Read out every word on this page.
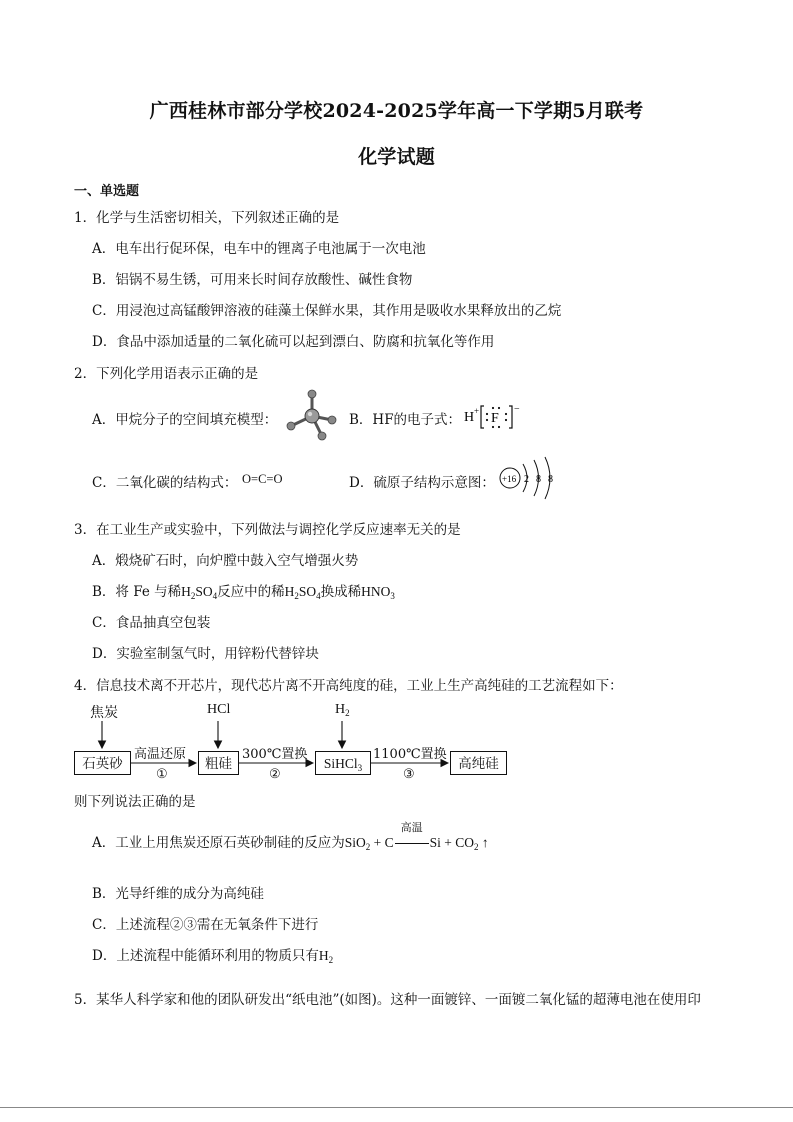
广西桂林市部分学校2024-2025学年高一下学期5月联考
化学试题
一、单选题
1．化学与生活密切相关，下列叙述正确的是
A．电车出行促环保，电车中的锂离子电池属于一次电池
B．铝锅不易生锈，可用来长时间存放酸性、碱性食物
C．用浸泡过高锰酸钾溶液的硅藻土保鲜水果，其作用是吸收水果释放出的乙烷
D．食品中添加适量的二氧化硫可以起到漂白、防腐和抗氧化等作用
2．下列化学用语表示正确的是
A．甲烷分子的空间填充模型：	B．HF的电子式： H + F
−
C．二氧化碳的结构式： O=C=O	D．硫原子结构示意图： +16 2 8 8
3．在工业生产或实验中，下列做法与调控化学反应速率无关的是
A．煅烧矿石时，向炉膛中鼓入空气增强火势
B．将 Fe 与稀$H_2SO_4$反应中的稀$H_2SO_4$换成稀$HNO_3$
C．食品抽真空包装
D．实验室制氢气时，用锌粉代替锌块
4．信息技术离不开芯片，现代芯片离不开高纯度的硅，工业上生产高纯硅的工艺流程如下：
焦炭	HCl	$H_2$
石英砂	粗硅	SiHCl$_3$	高纯硅
高温还原	300℃置换	1100℃置换
①	②	③
则下列说法正确的是
A．工业上用焦炭还原石英砂制硅的反应为SiO$_2$ + C
高温
$Si + CO_2$ ↑
B．光导纤维的成分为高纯硅
C．上述流程②③需在无氧条件下进行
D．上述流程中能循环利用的物质只有$H_2$
5．某华人科学家和他的团队研发出“纸电池”(如图)。这种一面镀锌、一面镀二氧化锰的超薄电池在使用印
